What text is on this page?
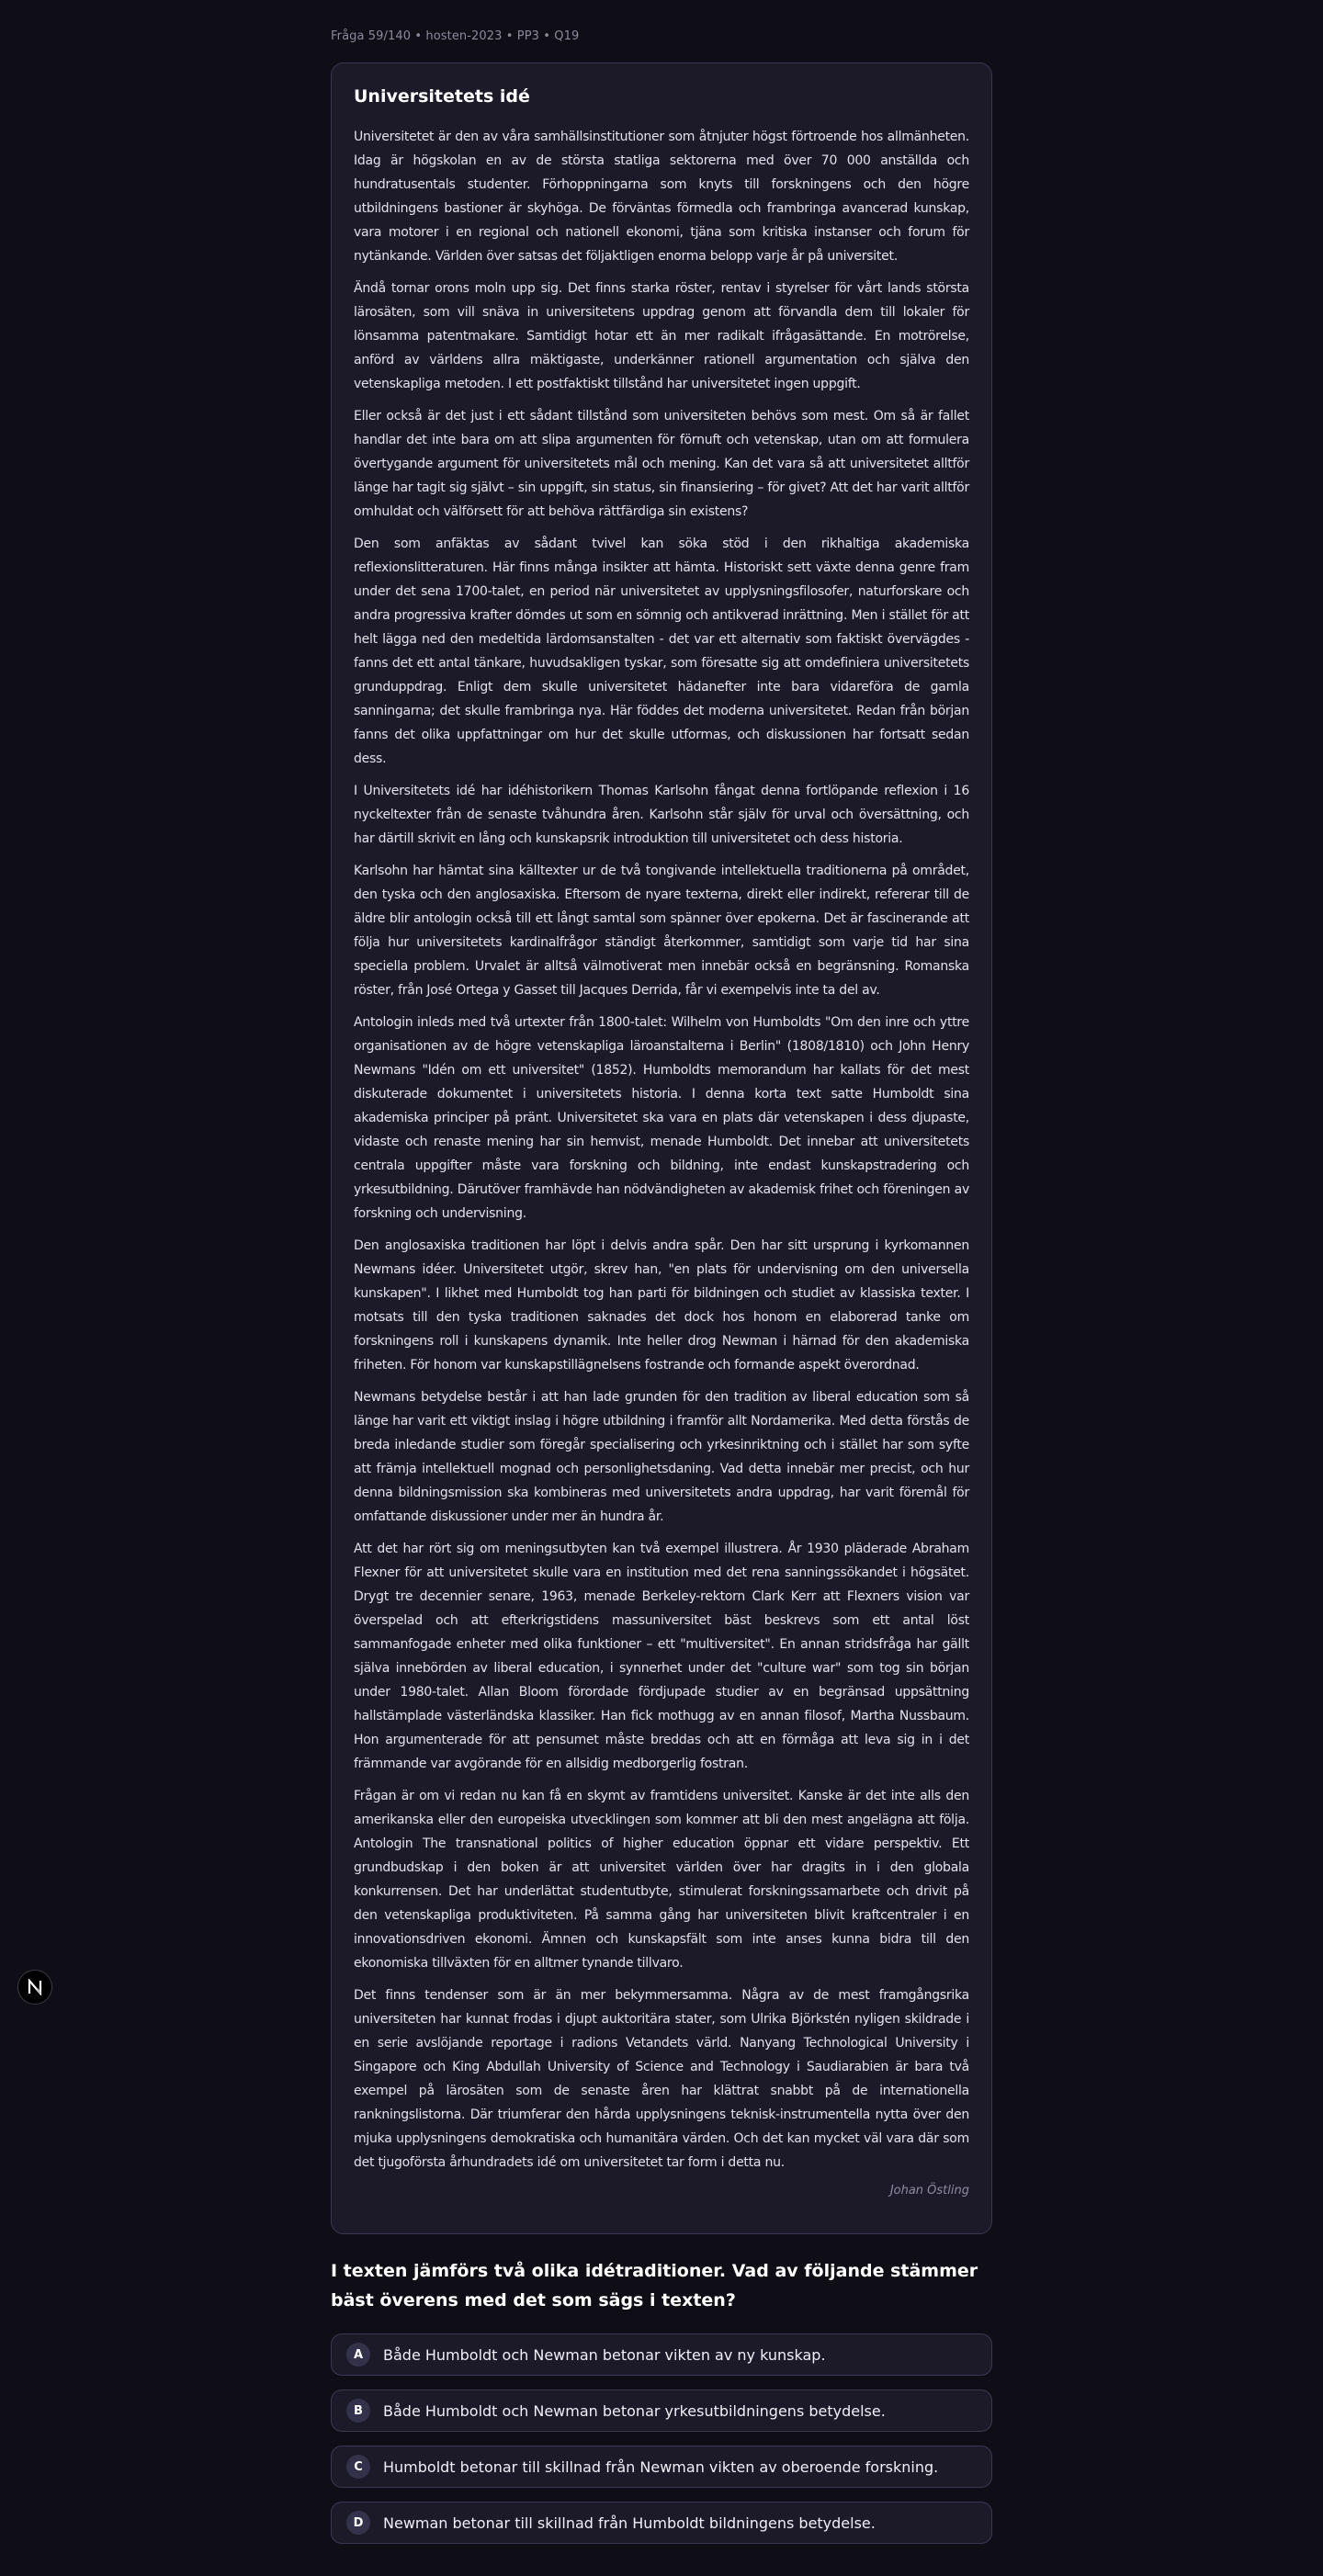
Fråga 59/140 • hosten-2023 • PP3 • Q19
Universitetets idé

Universitetet är den av våra samhällsinstitutioner som åtnjuter högst förtroende hos allmänheten. Idag är högskolan en av de största statliga sektorerna med över 70 000 anställda och hundratusentals studenter. Förhoppningarna som knyts till forskningens och den högre utbildningens bastioner är skyhöga. De förväntas förmedla och frambringa avancerad kunskap, vara motorer i en regional och nationell ekonomi, tjäna som kritiska instanser och forum för nytänkande. Världen över satsas det följaktligen enorma belopp varje år på universitet.

Ändå tornar orons moln upp sig. Det finns starka röster, rentav i styrelser för vårt lands största lärosäten, som vill snäva in universitetens uppdrag genom att förvandla dem till lokaler för lönsamma patentmakare. Samtidigt hotar ett än mer radikalt ifrågasättande. En motrörelse, anförd av världens allra mäktigaste, underkänner rationell argumentation och själva den vetenskapliga metoden. I ett postfaktiskt tillstånd har universitetet ingen uppgift.

Eller också är det just i ett sådant tillstånd som universiteten behövs som mest. Om så är fallet handlar det inte bara om att slipa argumenten för förnuft och vetenskap, utan om att formulera övertygande argument för universitetets mål och mening. Kan det vara så att universitetet alltför länge har tagit sig självt – sin uppgift, sin status, sin finansiering – för givet? Att det har varit alltför omhuldat och välförsett för att behöva rättfärdiga sin existens?

Den som anfäktas av sådant tvivel kan söka stöd i den rikhaltiga akademiska reflexionslitteraturen. Här finns många insikter att hämta. Historiskt sett växte denna genre fram under det sena 1700-talet, en period när universitetet av upplysningsfilosofer, naturforskare och andra progressiva krafter dömdes ut som en sömnig och antikverad inrättning. Men i stället för att helt lägga ned den medeltida lärdomsanstalten - det var ett alternativ som faktiskt övervägdes - fanns det ett antal tänkare, huvudsakligen tyskar, som föresatte sig att omdefiniera universitetets grunduppdrag. Enligt dem skulle universitetet hädanefter inte bara vidareföra de gamla sanningarna; det skulle frambringa nya. Här föddes det moderna universitetet. Redan från början fanns det olika uppfattningar om hur det skulle utformas, och diskussionen har fortsatt sedan dess.

I Universitetets idé har idéhistorikern Thomas Karlsohn fångat denna fortlöpande reflexion i 16 nyckeltexter från de senaste tvåhundra åren. Karlsohn står själv för urval och översättning, och har därtill skrivit en lång och kunskapsrik introduktion till universitetet och dess historia.

Karlsohn har hämtat sina källtexter ur de två tongivande intellektuella traditionerna på området, den tyska och den anglosaxiska. Eftersom de nyare texterna, direkt eller indirekt, refererar till de äldre blir antologin också till ett långt samtal som spänner över epokerna. Det är fascinerande att följa hur universitetets kardinalfrågor ständigt återkommer, samtidigt som varje tid har sina speciella problem. Urvalet är alltså välmotiverat men innebär också en begränsning. Romanska röster, från José Ortega y Gasset till Jacques Derrida, får vi exempelvis inte ta del av.

Antologin inleds med två urtexter från 1800-talet: Wilhelm von Humboldts "Om den inre och yttre organisationen av de högre vetenskapliga läroanstalterna i Berlin" (1808/1810) och John Henry Newmans "Idén om ett universitet" (1852). Humboldts memorandum har kallats för det mest diskuterade dokumentet i universitetets historia. I denna korta text satte Humboldt sina akademiska principer på pränt. Universitetet ska vara en plats där vetenskapen i dess djupaste, vidaste och renaste mening har sin hemvist, menade Humboldt. Det innebar att universitetets centrala uppgifter måste vara forskning och bildning, inte endast kunskapstradering och yrkesutbildning. Därutöver framhävde han nödvändigheten av akademisk frihet och föreningen av forskning och undervisning.

Den anglosaxiska traditionen har löpt i delvis andra spår. Den har sitt ursprung i kyrkomannen Newmans idéer. Universitetet utgör, skrev han, "en plats för undervisning om den universella kunskapen". I likhet med Humboldt tog han parti för bildningen och studiet av klassiska texter. I motsats till den tyska traditionen saknades det dock hos honom en elaborerad tanke om forskningens roll i kunskapens dynamik. Inte heller drog Newman i härnad för den akademiska friheten. För honom var kunskapstillägnelsens fostrande och formande aspekt överordnad.

Newmans betydelse består i att han lade grunden för den tradition av liberal education som så länge har varit ett viktigt inslag i högre utbildning i framför allt Nordamerika. Med detta förstås de breda inledande studier som föregår specialisering och yrkesinriktning och i stället har som syfte att främja intellektuell mognad och personlighetsdaning. Vad detta innebär mer precist, och hur denna bildningsmission ska kombineras med universitetets andra uppdrag, har varit föremål för omfattande diskussioner under mer än hundra år.

Att det har rört sig om meningsutbyten kan två exempel illustrera. År 1930 pläderade Abraham Flexner för att universitetet skulle vara en institution med det rena sanningssökandet i högsätet. Drygt tre decennier senare, 1963, menade Berkeley-rektorn Clark Kerr att Flexners vision var överspelad och att efterkrigstidens massuniversitet bäst beskrevs som ett antal löst sammanfogade enheter med olika funktioner – ett "multiversitet". En annan stridsfråga har gällt själva innebörden av liberal education, i synnerhet under det "culture war" som tog sin början under 1980-talet. Allan Bloom förordade fördjupade studier av en begränsad uppsättning hallstämplade västerländska klassiker. Han fick mothugg av en annan filosof, Martha Nussbaum. Hon argumenterade för att pensumet måste breddas och att en förmåga att leva sig in i det främmande var avgörande för en allsidig medborgerlig fostran.

Frågan är om vi redan nu kan få en skymt av framtidens universitet. Kanske är det inte alls den amerikanska eller den europeiska utvecklingen som kommer att bli den mest angelägna att följa. Antologin The transnational politics of higher education öppnar ett vidare perspektiv. Ett grundbudskap i den boken är att universitet världen över har dragits in i den globala konkurrensen. Det har underlättat studentutbyte, stimulerat forskningssamarbete och drivit på den vetenskapliga produktiviteten. På samma gång har universiteten blivit kraftcentraler i en innovationsdriven ekonomi. Ämnen och kunskapsfält som inte anses kunna bidra till den ekonomiska tillväxten för en alltmer tynande tillvaro.

Det finns tendenser som är än mer bekymmersamma. Några av de mest framgångsrika universiteten har kunnat frodas i djupt auktoritära stater, som Ulrika Björkstén nyligen skildrade i en serie avslöjande reportage i radions Vetandets värld. Nanyang Technological University i Singapore och King Abdullah University of Science and Technology i Saudiarabien är bara två exempel på lärosäten som de senaste åren har klättrat snabbt på de internationella rankningslistorna. Där triumferar den hårda upplysningens teknisk-instrumentella nytta över den mjuka upplysningens demokratiska och humanitära värden. Och det kan mycket väl vara där som det tjugoförsta århundradets idé om universitetet tar form i detta nu.

Johan Östling
I texten jämförs två olika idétraditioner. Vad av följande stämmer bäst överens med det som sägs i texten?
A	Både Humboldt och Newman betonar vikten av ny kunskap.
B	Både Humboldt och Newman betonar yrkesutbildningens betydelse.
C	Humboldt betonar till skillnad från Newman vikten av oberoende forskning.
D	Newman betonar till skillnad från Humboldt bildningens betydelse.
